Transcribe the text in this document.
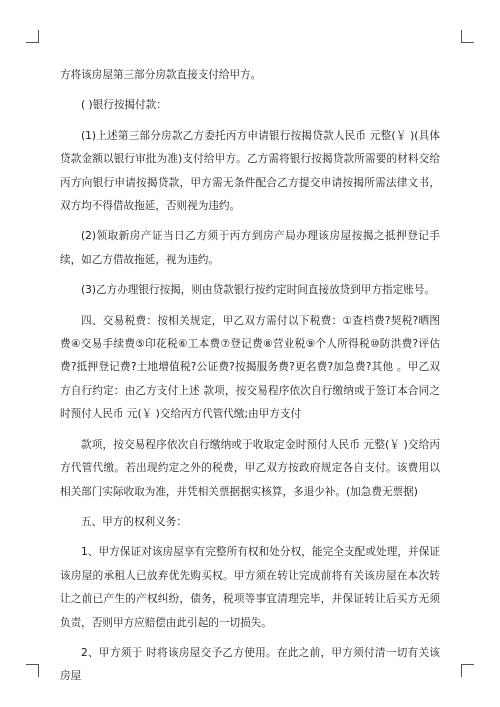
方将该房屋第三部分房款直接支付给甲方。

( )银行按揭付款：

(1)上述第三部分房款乙方委托丙方申请银行按揭贷款人民币 元整(￥ )(具体贷款金额以银行审批为准)支付给甲方。乙方需将银行按揭贷款所需要的材料交给丙方向银行申请按揭贷款，甲方需无条件配合乙方提交申请按揭所需法律文书，双方均不得借故拖延，否则视为违约。

(2)领取新房产证当日乙方须于丙方到房产局办理该房屋按揭之抵押登记手续，如乙方借故拖延，视为违约。

(3)乙方办理银行按揭，则由贷款银行按约定时间直接放贷到甲方指定账号。

四、交易税费：按相关规定，甲乙双方需付以下税费：①查档费?契税?晒图费④交易手续费⑤印花税⑥工本费⑦登记费⑧营业税⑨个人所得税⑩防洪费?评估费?抵押登记费?土地增值税?公证费?按揭服务费?更名费?加急费?其他 。甲乙双方自行约定：由乙方支付上述 款项，按交易程序依次自行缴纳或于签订本合同之时预付人民币 元(￥ )交给丙方代管代缴;由甲方支付

款项，按交易程序依次自行缴纳或于收取定金时预付人民币 元整(￥ )交给丙方代管代缴。若出现约定之外的税费，甲乙双方按政府规定各自支付。该费用以相关部门实际收取为准，并凭相关票据据实核算，多退少补。(加急费无票据)

五、甲方的权利义务：

1、甲方保证对该房屋享有完整所有权和处分权，能完全支配或处理，并保证该房屋的承租人已放弃优先购买权。甲方须在转让完成前将有关该房屋在本次转让之前已产生的产权纠纷，债务，税项等事宜清理完毕，并保证转让后买方无须负责，否则甲方应赔偿由此引起的一切损失。

2、甲方须于 时将该房屋交予乙方使用。在此之前，甲方须付清一切有关该房屋
